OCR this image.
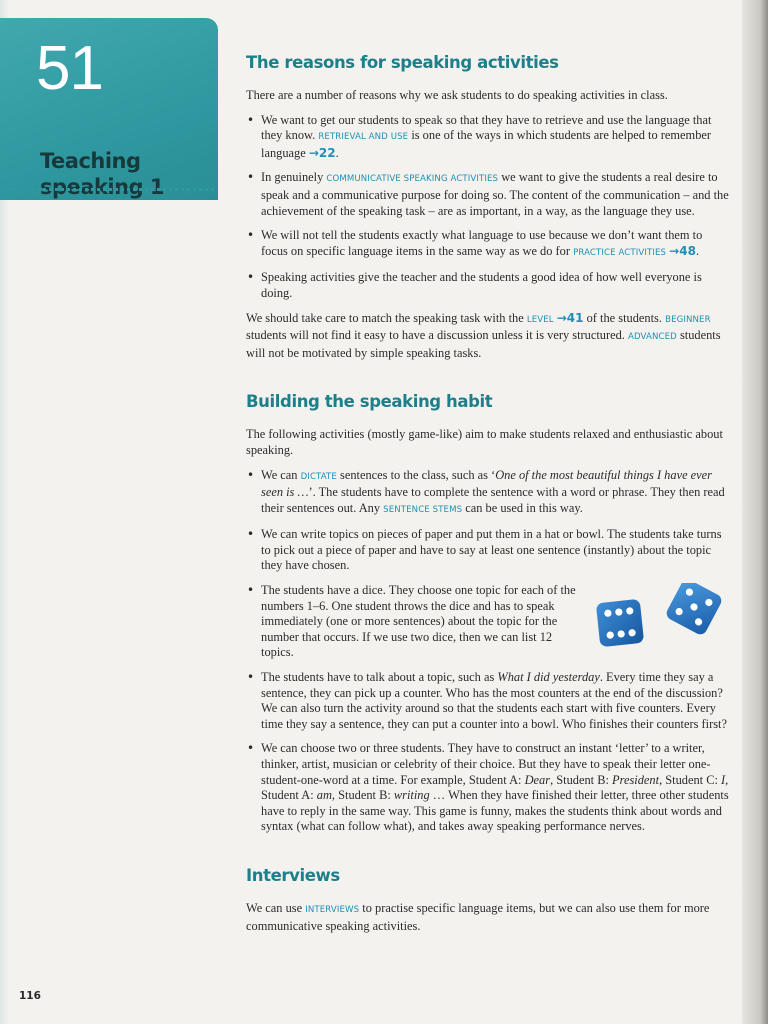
51
Teaching
speaking 1
The reasons for speaking activities

There are a number of reasons why we ask students to do speaking activities in class.

• We want to get our students to speak so that they have to retrieve and use the language that they know. RETRIEVAL AND USE is one of the ways in which students are helped to remember language →22.
• In genuinely COMMUNICATIVE SPEAKING ACTIVITIES we want to give the students a real desire to speak and a communicative purpose for doing so. The content of the communication – and the achievement of the speaking task – are as important, in a way, as the language they use.
• We will not tell the students exactly what language to use because we don’t want them to focus on specific language items in the same way as we do for PRACTICE ACTIVITIES →48.
• Speaking activities give the teacher and the students a good idea of how well everyone is doing.

We should take care to match the speaking task with the LEVEL →41 of the students. BEGINNER students will not find it easy to have a discussion unless it is very structured. ADVANCED students will not be motivated by simple speaking tasks.

Building the speaking habit

The following activities (mostly game-like) aim to make students relaxed and enthusiastic about speaking.

• We can DICTATE sentences to the class, such as ‘One of the most beautiful things I have ever seen is …’. The students have to complete the sentence with a word or phrase. They then read their sentences out. Any SENTENCE STEMS can be used in this way.
• We can write topics on pieces of paper and put them in a hat or bowl. The students take turns to pick out a piece of paper and have to say at least one sentence (instantly) about the topic they have chosen.
• The students have a dice. They choose one topic for each of the numbers 1–6. One student throws the dice and has to speak immediately (one or more sentences) about the topic for the number that occurs. If we use two dice, then we can list 12 topics.
• The students have to talk about a topic, such as What I did yesterday. Every time they say a sentence, they can pick up a counter. Who has the most counters at the end of the discussion? We can also turn the activity around so that the students each start with five counters. Every time they say a sentence, they can put a counter into a bowl. Who finishes their counters first?
• We can choose two or three students. They have to construct an instant ‘letter’ to a writer, thinker, artist, musician or celebrity of their choice. But they have to speak their letter one-student-one-word at a time. For example, Student A: Dear, Student B: President, Student C: I, Student A: am, Student B: writing … When they have finished their letter, three other students have to reply in the same way. This game is funny, makes the students think about words and syntax (what can follow what), and takes away speaking performance nerves.
Interviews

We can use INTERVIEWS to practise specific language items, but we can also use them for more communicative speaking activities.

116
